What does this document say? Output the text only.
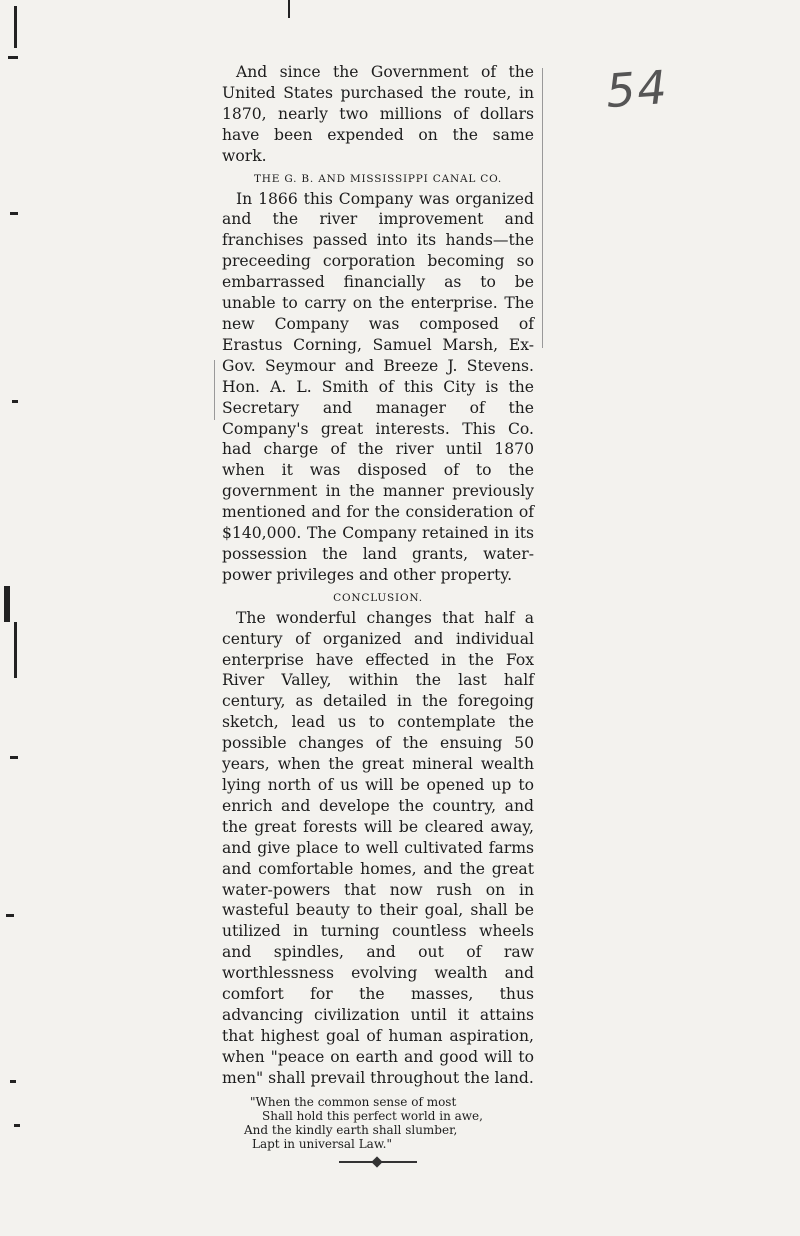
54

And since the Government of the United States purchased the route, in 1870, nearly two millions of dollars have been expended on the same work.

THE G. B. AND MISSISSIPPI CANAL CO.

In 1866 this Company was organized and the river improvement and franchises passed into its hands—the preceeding corporation becoming so embarrassed financially as to be unable to carry on the enterprise. The new Company was composed of Erastus Corning, Samuel Marsh, Ex-Gov. Seymour and Breeze J. Stevens. Hon. A. L. Smith of this City is the Secretary and manager of the Company's great interests. This Co. had charge of the river until 1870 when it was disposed of to the government in the manner previously mentioned and for the consideration of $140,000. The Company retained in its possession the land grants, water-power privileges and other property.

CONCLUSION.

The wonderful changes that half a century of organized and individual enterprise have effected in the Fox River Valley, within the last half century, as detailed in the foregoing sketch, lead us to contemplate the possible changes of the ensuing 50 years, when the great mineral wealth lying north of us will be opened up to enrich and develope the country, and the great forests will be cleared away, and give place to well cultivated farms and comfortable homes, and the great water-powers that now rush on in wasteful beauty to their goal, shall be utilized in turning countless wheels and spindles, and out of raw worthlessness evolving wealth and comfort for the masses, thus advancing civilization until it attains that highest goal of human aspiration, when "peace on earth and good will to men" shall prevail throughout the land.

"When the common sense of most
Shall hold this perfect world in awe,
And the kindly earth shall slumber,
Lapt in universal Law."
